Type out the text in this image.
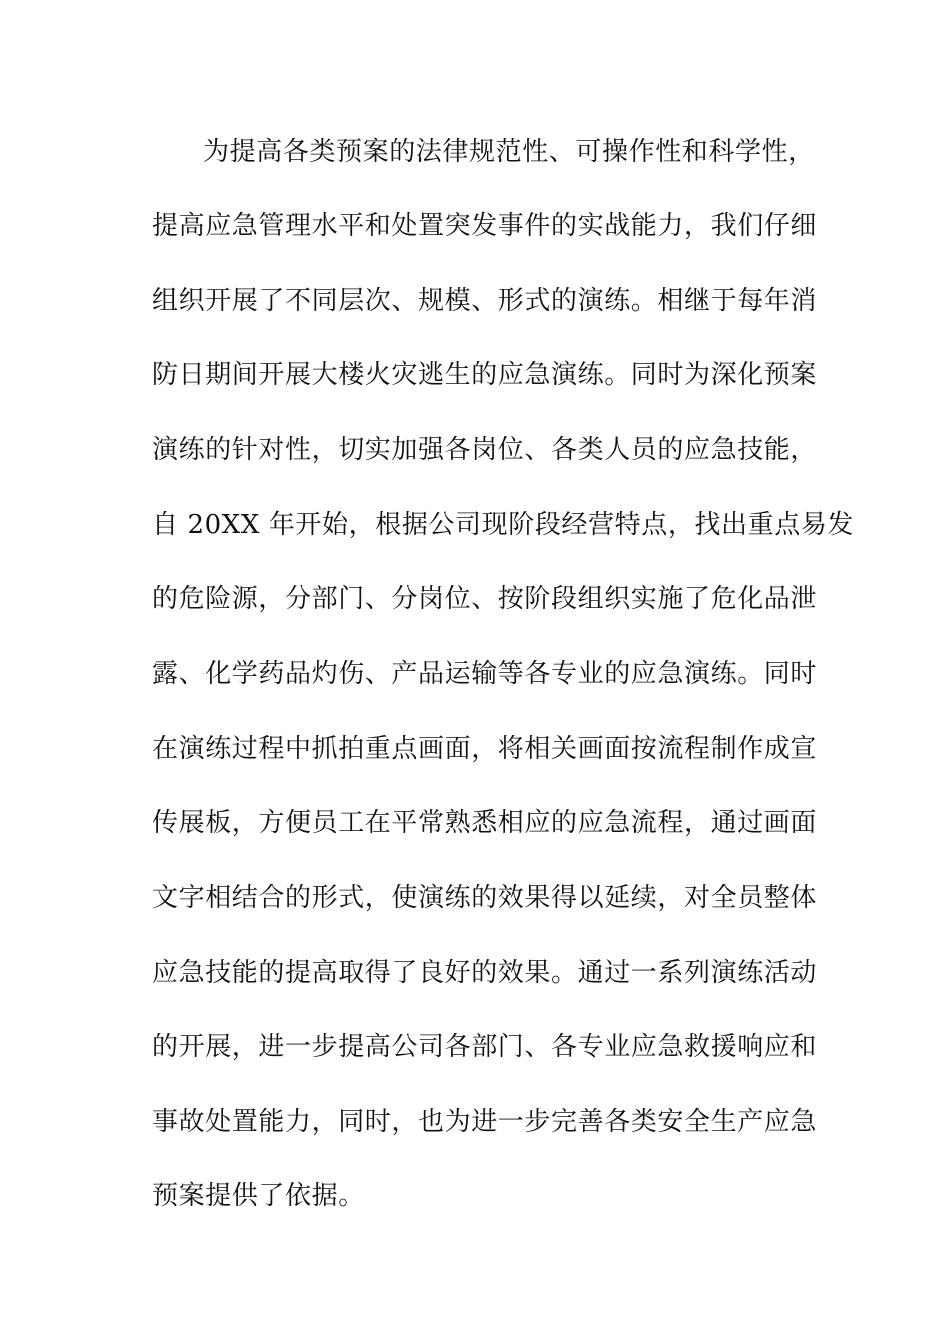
为提高各类预案的法律规范性、可操作性和科学性，
提高应急管理水平和处置突发事件的实战能力，我们仔细
组织开展了不同层次、规模、形式的演练。相继于每年消
防日期间开展大楼火灾逃生的应急演练。同时为深化预案
演练的针对性，切实加强各岗位、各类人员的应急技能，
自 20XX 年开始，根据公司现阶段经营特点，找出重点易发
的危险源，分部门、分岗位、按阶段组织实施了危化品泄
露、化学药品灼伤、产品运输等各专业的应急演练。同时
在演练过程中抓拍重点画面，将相关画面按流程制作成宣
传展板，方便员工在平常熟悉相应的应急流程，通过画面
文字相结合的形式，使演练的效果得以延续，对全员整体
应急技能的提高取得了良好的效果。通过一系列演练活动
的开展，进一步提高公司各部门、各专业应急救援响应和
事故处置能力，同时，也为进一步完善各类安全生产应急
预案提供了依据。
